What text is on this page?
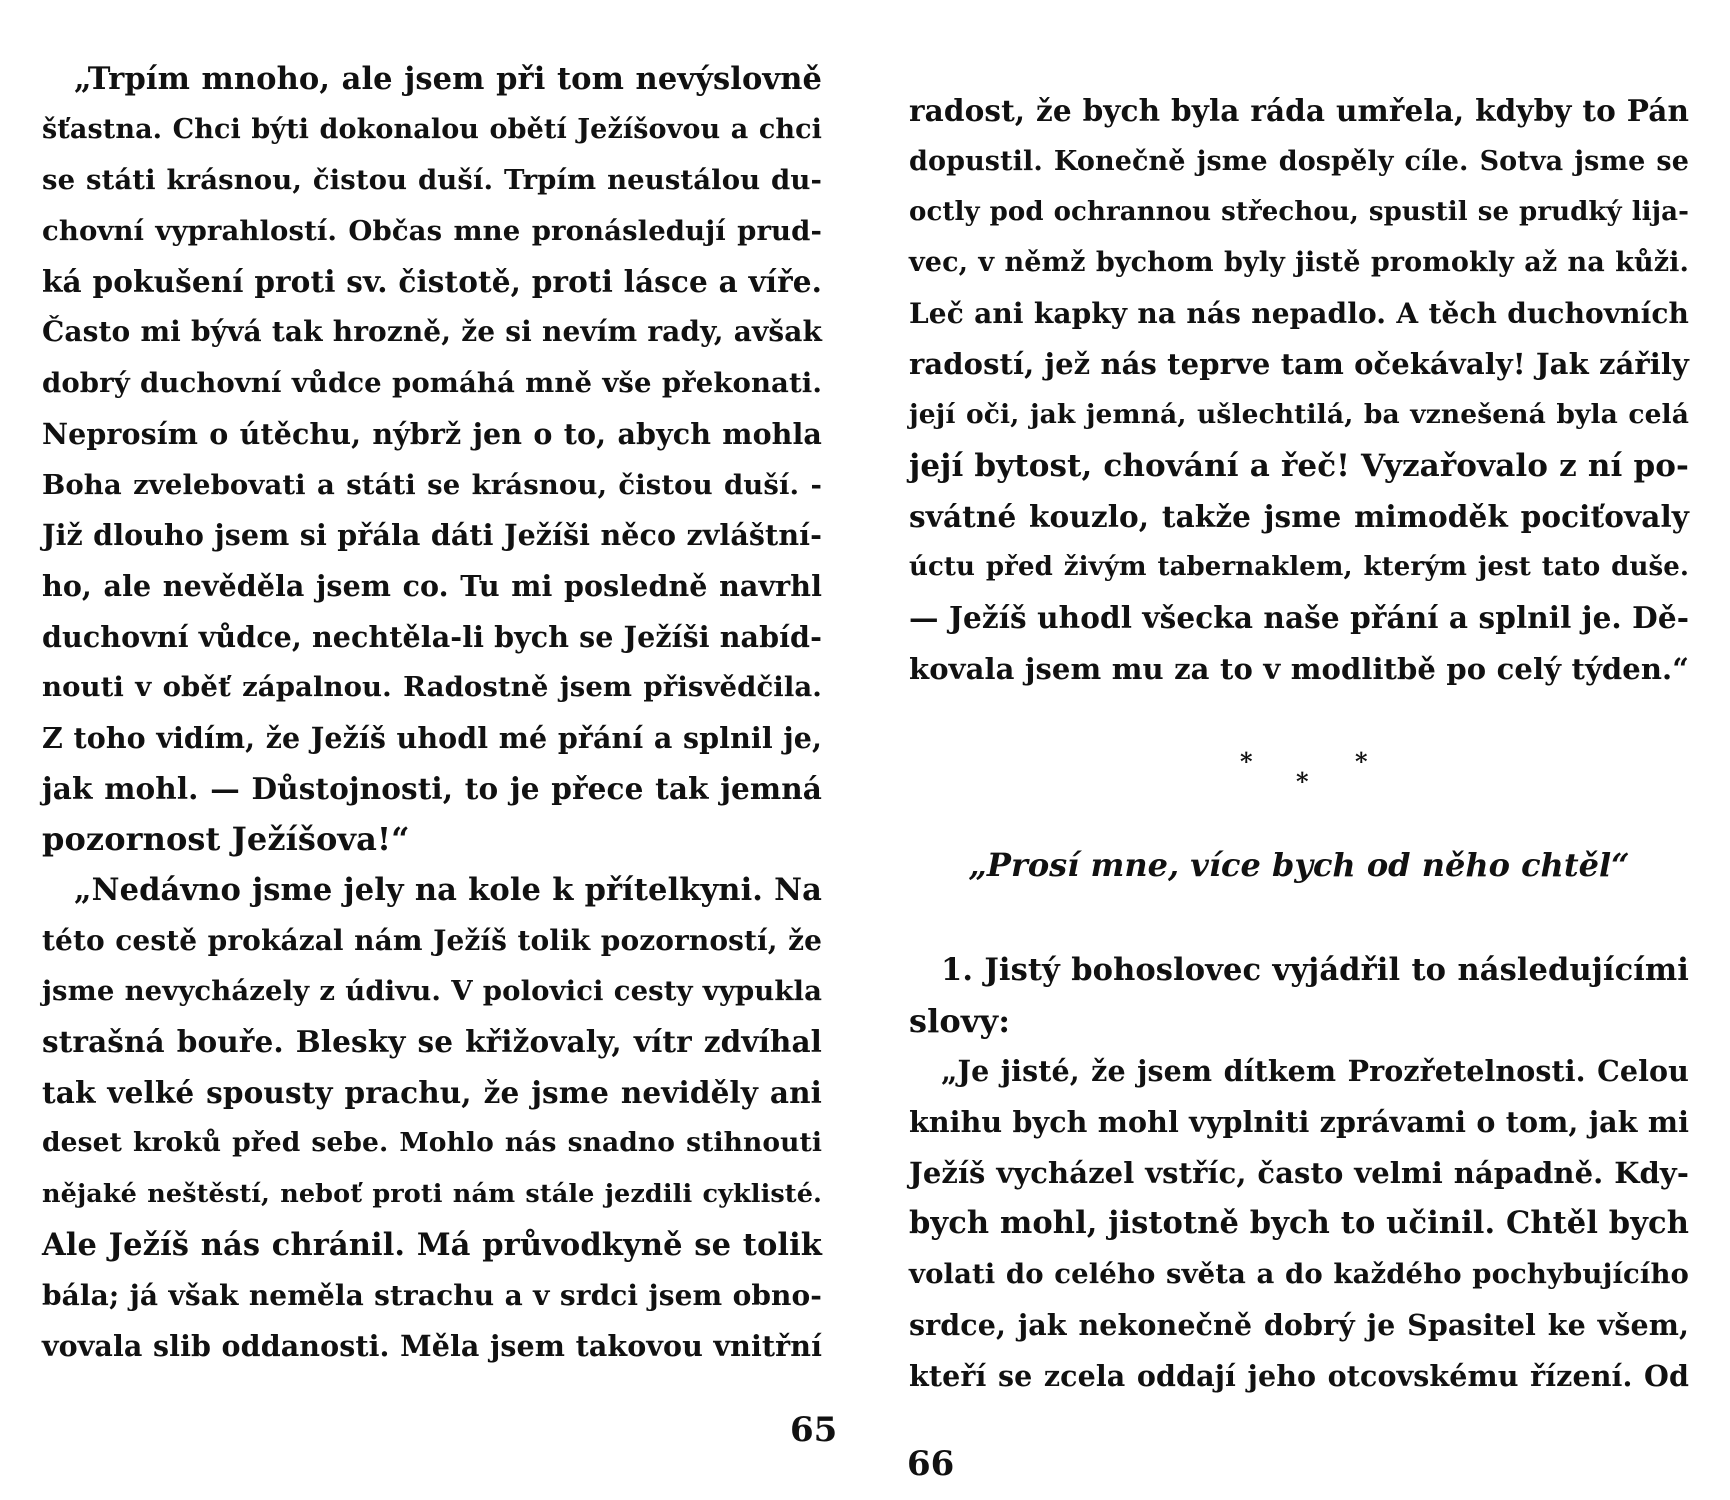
„Trpím mnoho, ale jsem při tom nevýslovně
šťastna. Chci býti dokonalou obětí Ježíšovou a chci
se státi krásnou, čistou duší. Trpím neustálou du-
chovní vyprahlostí. Občas mne pronásledují prud-
ká pokušení proti sv. čistotě, proti lásce a víře.
Často mi bývá tak hrozně, že si nevím rady, avšak
dobrý duchovní vůdce pomáhá mně vše překonati.
Neprosím o útěchu, nýbrž jen o to, abych mohla
Boha zvelebovati a státi se krásnou, čistou duší. -
Již dlouho jsem si přála dáti Ježíši něco zvláštní-
ho, ale nevěděla jsem co. Tu mi posledně navrhl
duchovní vůdce, nechtěla-li bych se Ježíši nabíd-
nouti v oběť zápalnou. Radostně jsem přisvědčila.
Z toho vidím, že Ježíš uhodl mé přání a splnil je,
jak mohl. — Důstojnosti, to je přece tak jemná
pozornost Ježíšova!“
„Nedávno jsme jely na kole k přítelkyni. Na
této cestě prokázal nám Ježíš tolik pozorností, že
jsme nevycházely z údivu. V polovici cesty vypukla
strašná bouře. Blesky se křižovaly, vítr zdvíhal
tak velké spousty prachu, že jsme neviděly ani
deset kroků před sebe. Mohlo nás snadno stihnouti
nějaké neštěstí, neboť proti nám stále jezdili cyklisté.
Ale Ježíš nás chránil. Má průvodkyně se tolik
bála; já však neměla strachu a v srdci jsem obno-
vovala slib oddanosti. Měla jsem takovou vnitřní
65
radost, že bych byla ráda umřela, kdyby to Pán
dopustil. Konečně jsme dospěly cíle. Sotva jsme se
octly pod ochrannou střechou, spustil se prudký lija-
vec, v němž bychom byly jistě promokly až na kůži.
Leč ani kapky na nás nepadlo. A těch duchovních
radostí, jež nás teprve tam očekávaly! Jak zářily
její oči, jak jemná, ušlechtilá, ba vznešená byla celá
její bytost, chování a řeč! Vyzařovalo z ní po-
svátné kouzlo, takže jsme mimoděk pociťovaly
úctu před živým tabernaklem, kterým jest tato duše.
— Ježíš uhodl všecka naše přání a splnil je. Dě-
kovala jsem mu za to v modlitbě po celý týden.“
*
*
*
„Prosí mne, více bych od něho chtěl“
1. Jistý bohoslovec vyjádřil to následujícími
slovy:
„Je jisté, že jsem dítkem Prozřetelnosti. Celou
knihu bych mohl vyplniti zprávami o tom, jak mi
Ježíš vycházel vstříc, často velmi nápadně. Kdy-
bych mohl, jistotně bych to učinil. Chtěl bych
volati do celého světa a do každého pochybujícího
srdce, jak nekonečně dobrý je Spasitel ke všem,
kteří se zcela oddají jeho otcovskému řízení. Od
66
